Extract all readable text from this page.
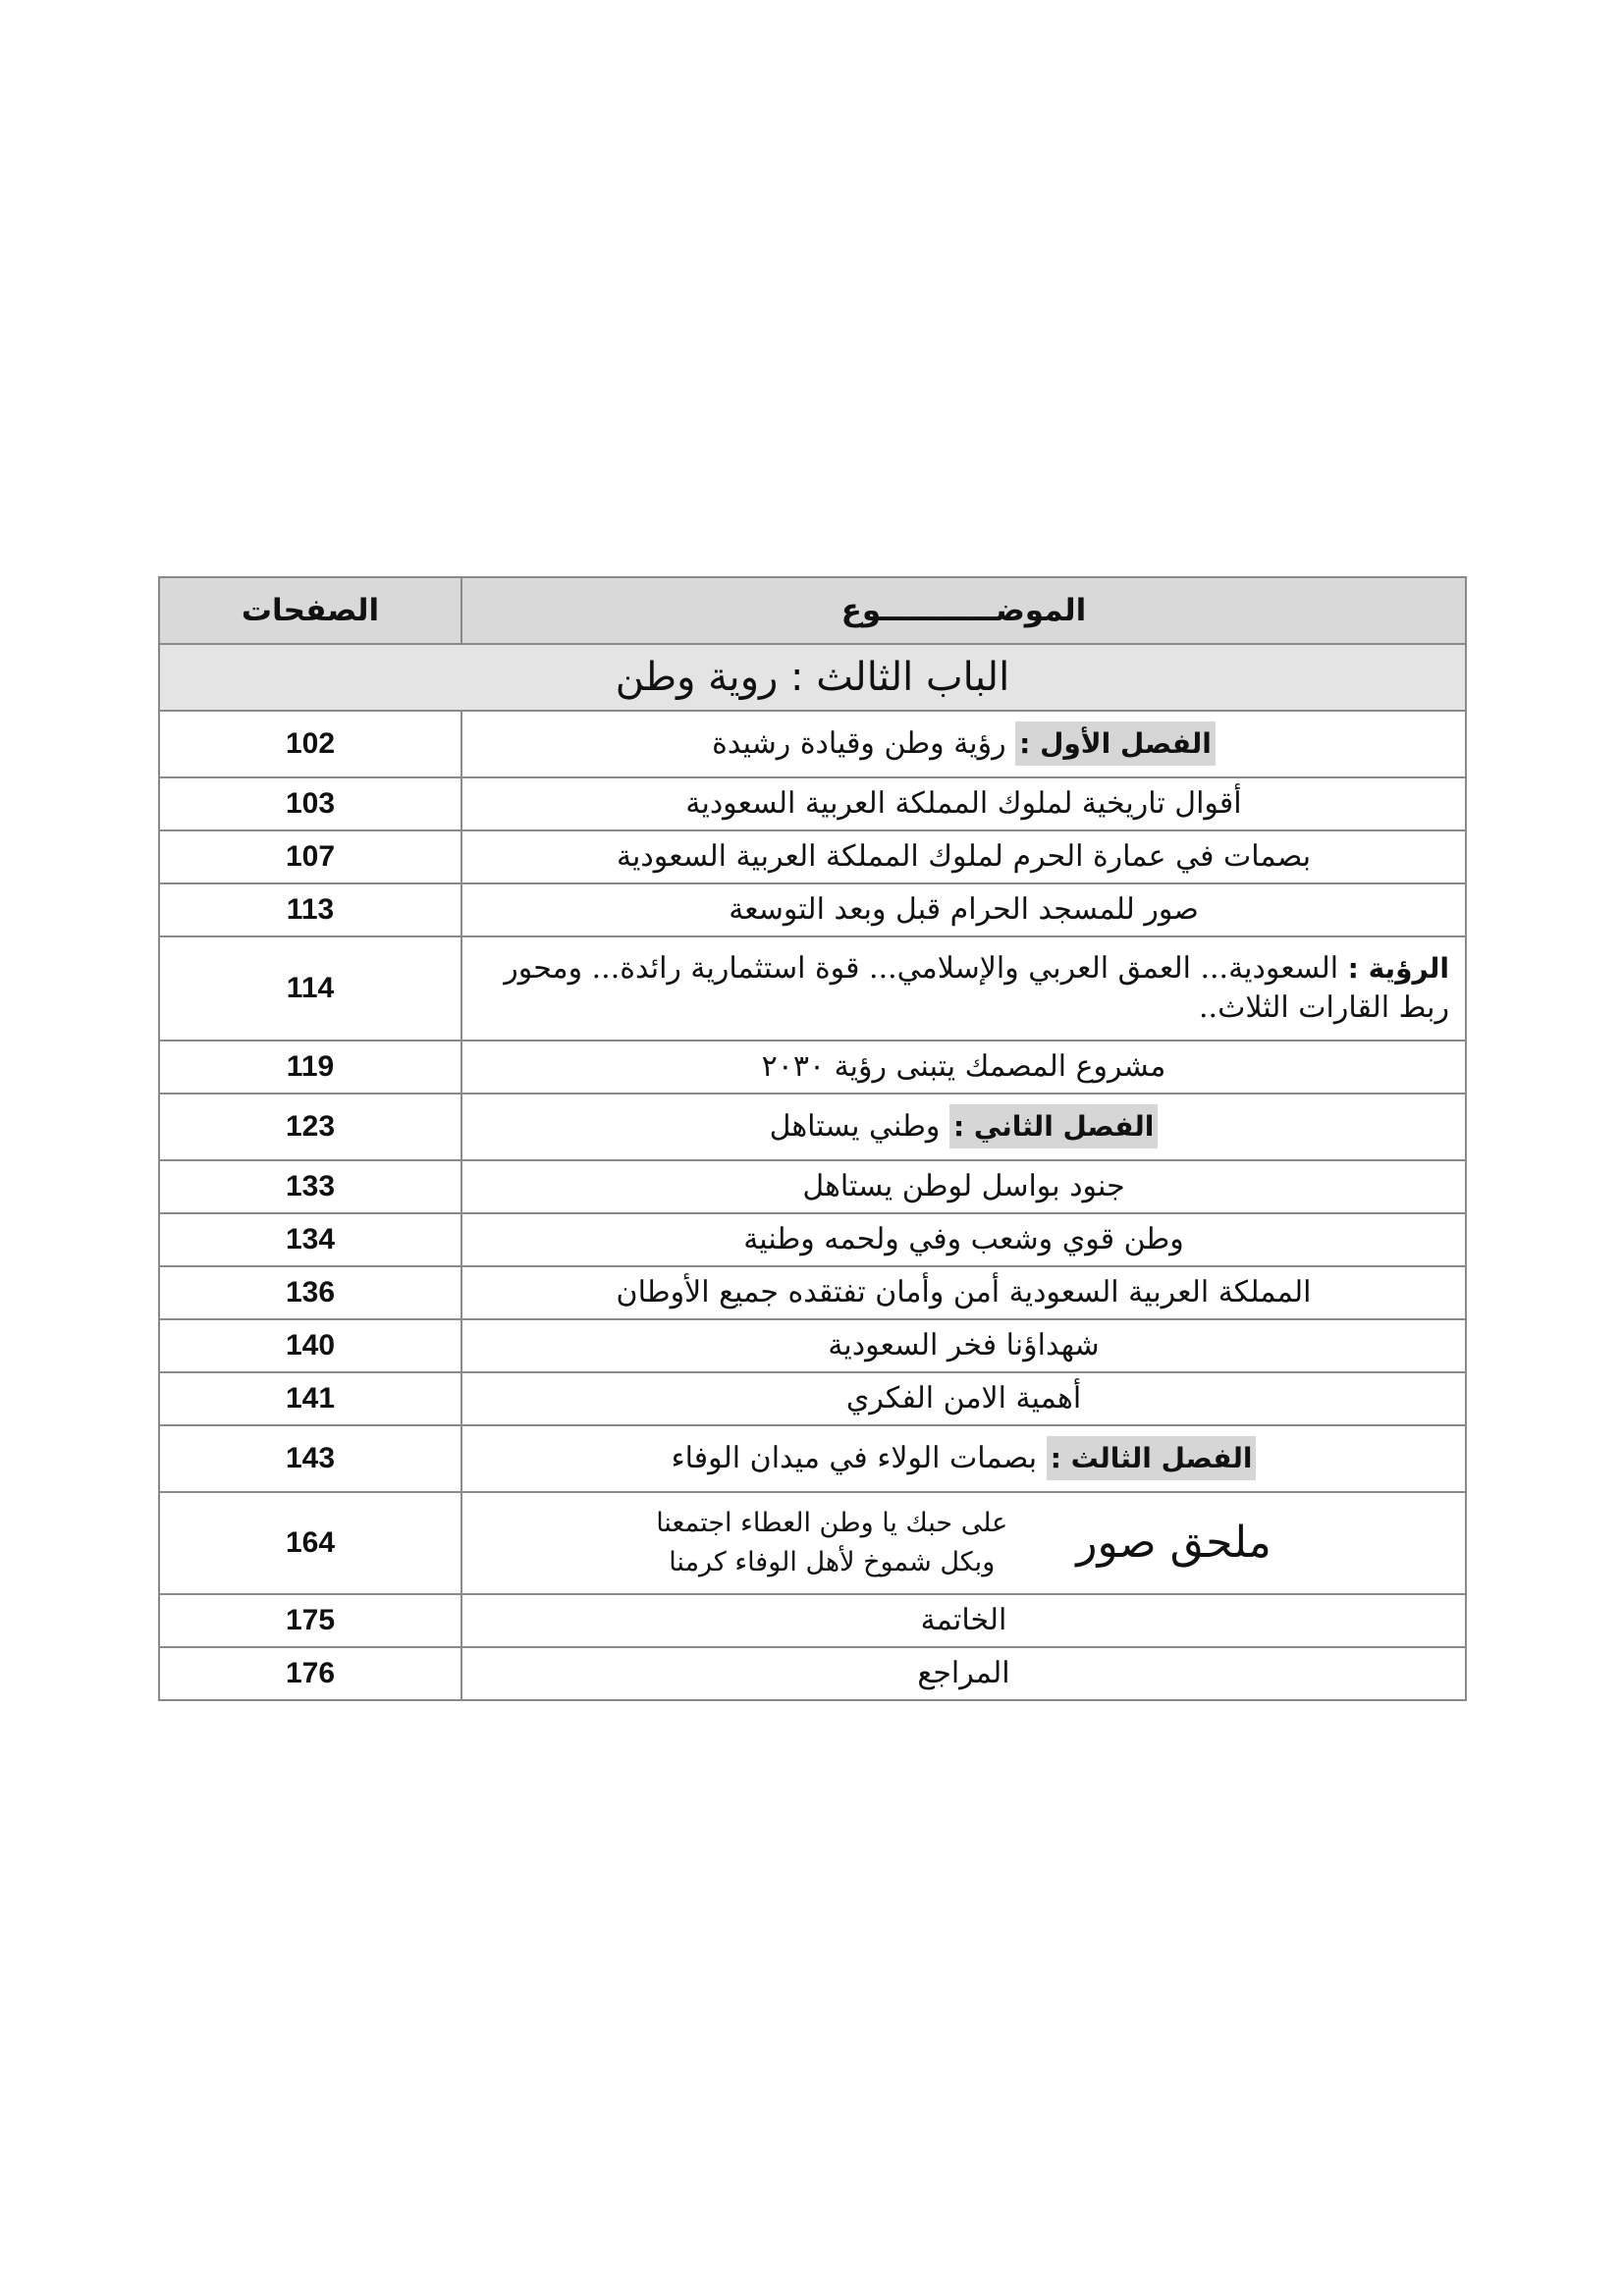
الموضـــــــــــوع	الصفحات
الباب الثالث : روية وطن	
الفصل الأول : رؤية وطن وقيادة رشيدة	102
أقوال تاريخية لملوك المملكة العربية السعودية	103
بصمات في عمارة الحرم لملوك المملكة العربية السعودية	107
صور للمسجد الحرام قبل وبعد التوسعة	113
الرؤية : السعودية... العمق العربي والإسلامي... قوة استثمارية رائدة... ومحور ربط القارات الثلاث..	114
مشروع المصمك يتبنى رؤية ٢٠٣٠	119
الفصل الثاني : وطني يستاهل	123
جنود بواسل لوطن يستاهل	133
وطن قوي وشعب وفي ولحمه وطنية	134
المملكة العربية السعودية أمن وأمان تفتقده جميع الأوطان	136
شهداؤنا فخر السعودية	140
أهمية الامن الفكري	141
الفصل الثالث : بصمات الولاء في ميدان الوفاء	143

ملحق صور
على حبك يا وطن العطاء اجتمعنا
وبكل شموخ لأهل الوفاء كرمنا	164
الخاتمة	175
المراجع	176
